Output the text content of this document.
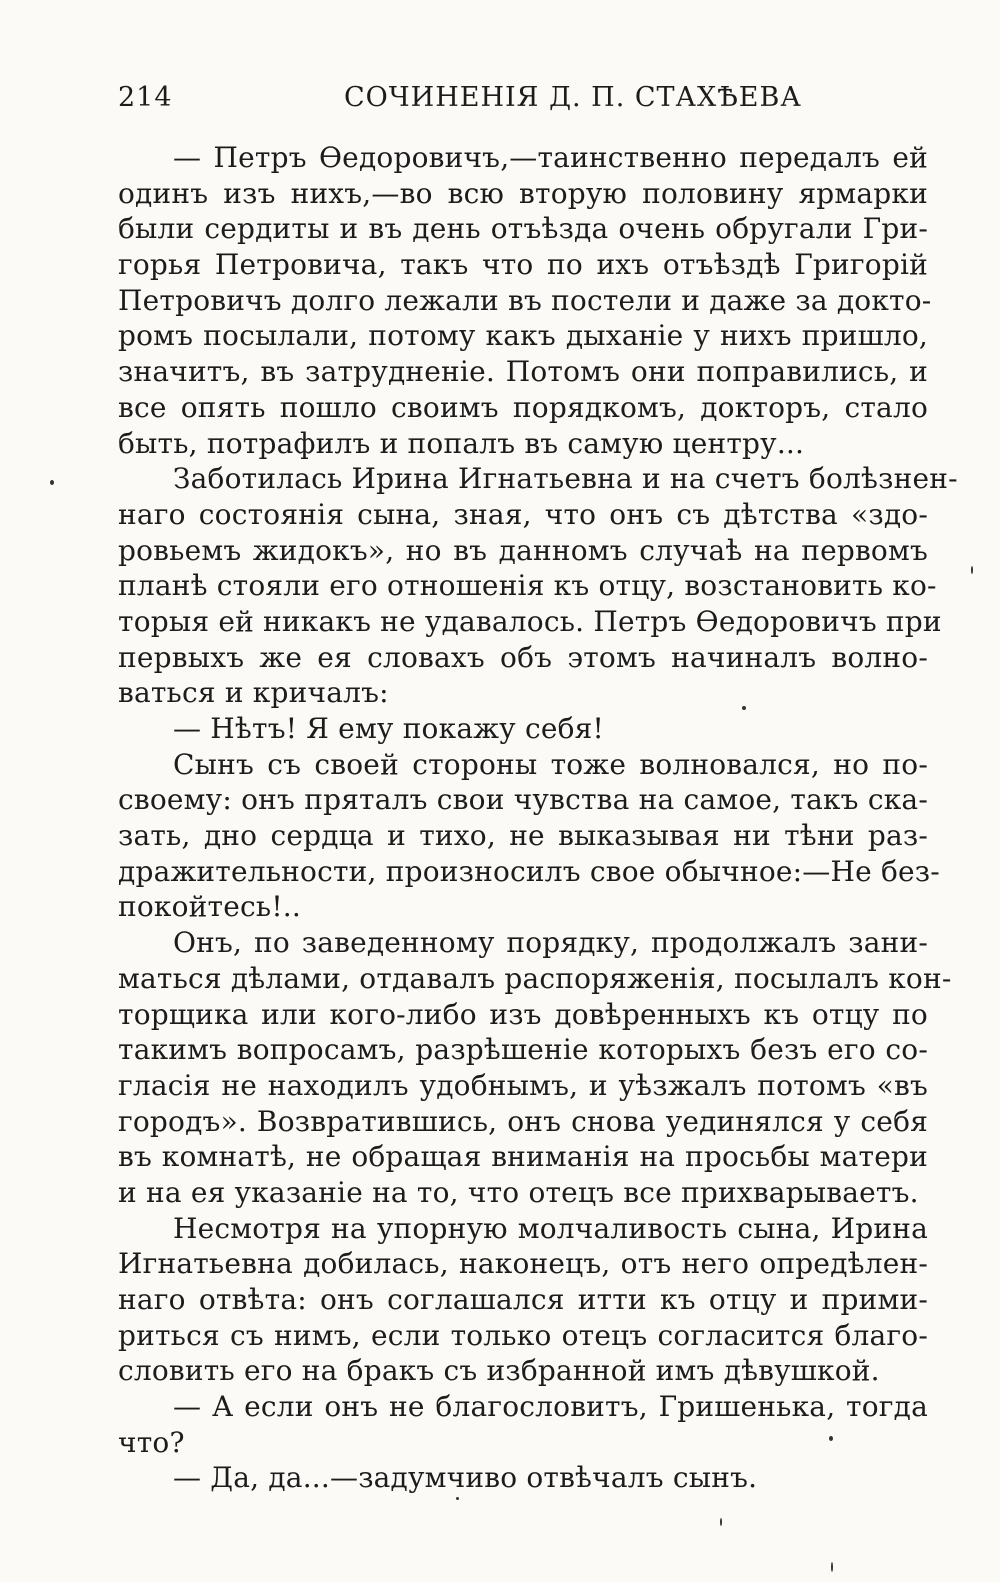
214	СОЧИНЕНІЯ Д. П. СТАХѢЕВА
— Петръ Өедоровичъ,—таинственно передалъ ей
одинъ изъ нихъ,—во всю вторую половину ярмарки
были сердиты и въ день отъѣзда очень обругали Гри-
горья Петровича, такъ что по ихъ отъѣздѣ Григорій
Петровичъ долго лежали въ постели и даже за докто-
ромъ посылали, потому какъ дыханіе у нихъ пришло,
значитъ, въ затрудненіе. Потомъ они поправились, и
все опять пошло своимъ порядкомъ, докторъ, стало
быть, потрафилъ и попалъ въ самую центру...
Заботилась Ирина Игнатьевна и на счетъ болѣзнен-
наго состоянія сына, зная, что онъ съ дѣтства «здо-
ровьемъ жидокъ», но въ данномъ случаѣ на первомъ
планѣ стояли его отношенія къ отцу, возстановить ко-
торыя ей никакъ не удавалось. Петръ Өедоровичъ при
первыхъ же ея словахъ объ этомъ начиналъ волно-
ваться и кричалъ:
— Нѣтъ! Я ему покажу себя!
Сынъ съ своей стороны тоже волновался, но по-
своему: онъ пряталъ свои чувства на самое, такъ ска-
зать, дно сердца и тихо, не выказывая ни тѣни раз-
дражительности, произносилъ свое обычное:—Не без-
покойтесь!..
Онъ, по заведенному порядку, продолжалъ зани-
маться дѣлами, отдавалъ распоряженія, посылалъ кон-
торщика или кого-либо изъ довѣренныхъ къ отцу по
такимъ вопросамъ, разрѣшеніе которыхъ безъ его со-
гласія не находилъ удобнымъ, и уѣзжалъ потомъ «въ
городъ». Возвратившись, онъ снова уединялся у себя
въ комнатѣ, не обращая вниманія на просьбы матери
и на ея указаніе на то, что отецъ все прихварываетъ.
Несмотря на упорную молчаливость сына, Ирина
Игнатьевна добилась, наконецъ, отъ него опредѣлен-
наго отвѣта: онъ соглашался итти къ отцу и прими-
риться съ нимъ, если только отецъ согласится благо-
словить его на бракъ съ избранной имъ дѣвушкой.
— А если онъ не благословитъ, Гришенька, тогда
что?
— Да, да...—задумчиво отвѣчалъ сынъ.
